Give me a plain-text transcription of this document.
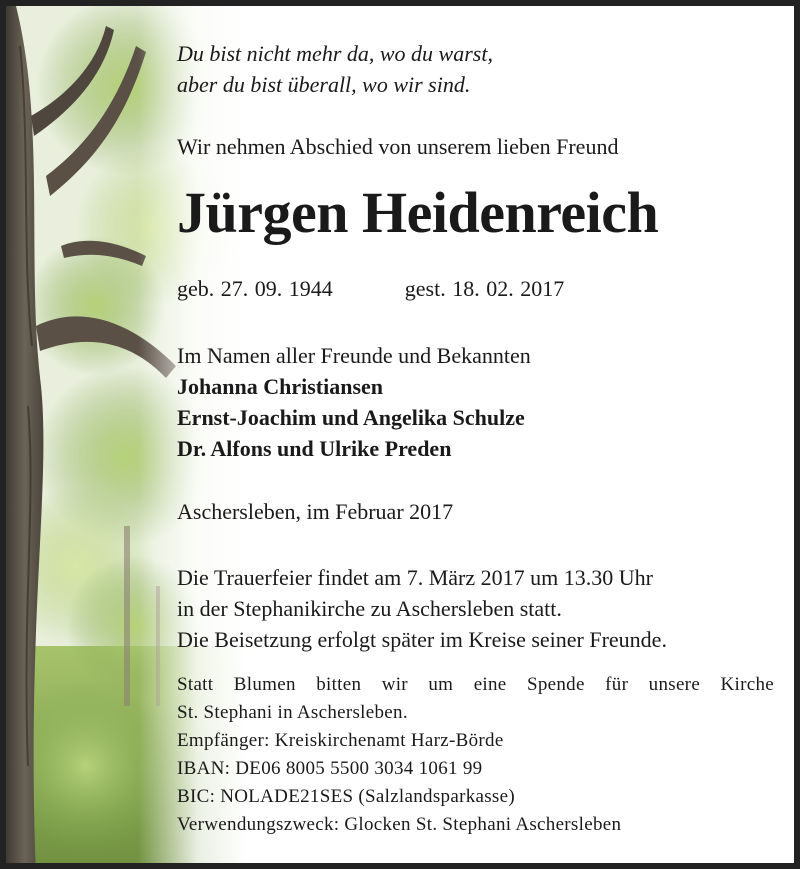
Du bist nicht mehr da, wo du warst,
aber du bist überall, wo wir sind.
Wir nehmen Abschied von unserem lieben Freund
Jürgen Heidenreich
geb. 27. 09. 1944	gest. 18. 02. 2017
Im Namen aller Freunde und Bekannten
Johanna Christiansen
Ernst-Joachim und Angelika Schulze
Dr. Alfons und Ulrike Preden
Aschersleben, im Februar 2017
Die Trauerfeier findet am 7. März 2017 um 13.30 Uhr
in der Stephanikirche zu Aschersleben statt.
Die Beisetzung erfolgt später im Kreise seiner Freunde.
Statt Blumen bitten wir um eine Spende für unsere Kirche
St. Stephani in Aschersleben.
Empfänger: Kreiskirchenamt Harz-Börde
IBAN: DE06 8005 5500 3034 1061 99
BIC: NOLADE21SES (Salzlandsparkasse)
Verwendungszweck: Glocken St. Stephani Aschersleben
